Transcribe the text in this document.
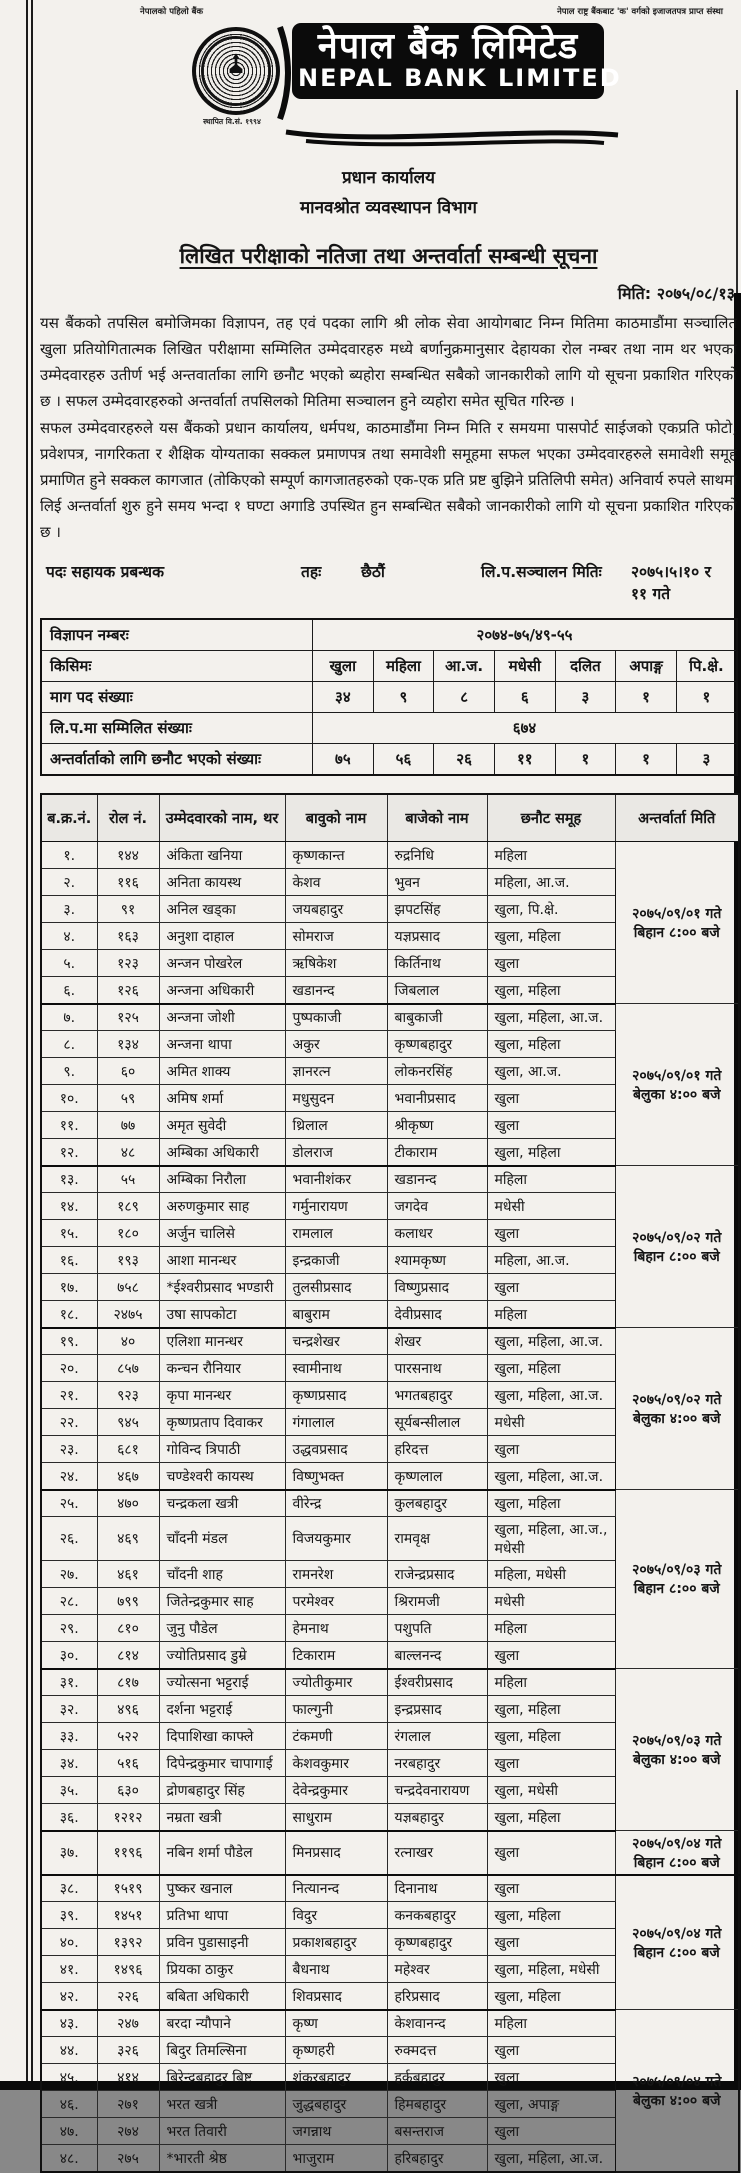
नेपालको पहिलो बैंक	नेपाल राष्ट्र बैंकबाट 'क' वर्गको इजाजतपत्र प्राप्त संस्था
स्थापित वि.सं. १९९४
नेपाल बैंक लिमिटेड
NEPAL BANK LIMITED
प्रधान कार्यालय
मानवश्रोत व्यवस्थापन विभाग
लिखित परीक्षाको नतिजा तथा अन्तर्वार्ता सम्बन्धी सूचना
मिति: २०७५/०८/१३
यस बैंकको तपसिल बमोजिमका विज्ञापन, तह एवं पदका लागि श्री लोक सेवा आयोगबाट निम्न मितिमा काठमाडौंमा सञ्चालित खुला प्रतियोगितात्मक लिखित परीक्षामा सम्मिलित उम्मेदवारहरु मध्ये बर्णानुक्रमानुसार देहायका रोल नम्बर तथा नाम थर भएका उम्मेदवारहरु उतीर्ण भई अन्तवार्ताका लागि छनौट भएको ब्यहोरा सम्बन्धित सबैको जानकारीको लागि यो सूचना प्रकाशित गरिएको छ । सफल उम्मेदवारहरुको अन्तर्वार्ता तपसिलको मितिमा सञ्चालन हुने व्यहोरा समेत सूचित गरिन्छ ।
सफल उम्मेदवारहरुले यस बैंकको प्रधान कार्यालय, धर्मपथ, काठमाडौंमा निम्न मिति र समयमा पासपोर्ट साईजको एकप्रति फोटो, प्रवेशपत्र, नागरिकता र शैक्षिक योग्यताका सक्कल प्रमाणपत्र तथा समावेशी समूहमा सफल भएका उम्मेदवारहरुले समावेशी समूह प्रमाणित हुने सक्कल कागजात (तोकिएको सम्पूर्ण कागजातहरुको एक-एक प्रति प्रष्ट बुझिने प्रतिलिपी समेत) अनिवार्य रुपले साथमा लिई अन्तर्वार्ता शुरु हुने समय भन्दा १ घण्टा अगाडि उपस्थित हुन सम्बन्धित सबैको जानकारीको लागि यो सूचना प्रकाशित गरिएको छ ।
पदः सहायक प्रबन्धक	तहः	छैठौं	लि.प.सञ्चालन मितिः	२०७५।५।१० र ११ गते
विज्ञापन नम्बरः	२०७४-७५/४९-५५						
किसिमः	खुला	महिला	आ.ज.	मधेसी	दलित	अपाङ्ग	पि.क्षे.
माग पद संख्याः	३४	९	८	६	३	१	१
लि.प.मा सम्मिलित संख्याः	६७४						
अन्तर्वार्ताको लागि छनौट भएको संख्याः	७५	५६	२६	११	१	१	३
ब.क्र.नं.	रोल नं.	उम्मेदवारको नाम, थर	बावुको नाम	बाजेको नाम	छनौट समूह	अन्तर्वार्ता मिति
१.	१४४	अंकिता खनिया	कृष्णकान्त	रुद्रनिधि	महिला	२०७५/०९/०१ गते
बिहान ८:०० बजे

२.	११६	अनिता कायस्थ	केशव	भुवन	महिला, आ.ज.	
३.	९१	अनिल खड्का	जयबहादुर	झपटसिंह	खुला, पि.क्षे.	
४.	१६३	अनुशा दाहाल	सोमराज	यज्ञप्रसाद	खुला, महिला	
५.	१२३	अन्जन पोखरेल	ऋषिकेश	किर्तिनाथ	खुला	
६.	१२६	अन्जना अधिकारी	खडानन्द	जिबलाल	खुला, महिला	
७.	१२५	अन्जना जोशी	पुष्पकाजी	बाबुकाजी	खुला, महिला, आ.ज.	२०७५/०९/०१ गते
बेलुका ४:०० बजे

८.	१३४	अन्जना थापा	अकुर	कृष्णबहादुर	खुला, महिला	
९.	६०	अमित शाक्य	ज्ञानरत्न	लोकनरसिंह	खुला, आ.ज.	
१०.	५९	अमिष शर्मा	मधुसुदन	भवानीप्रसाद	खुला	
११.	७७	अमृत सुवेदी	थ्रिलाल	श्रीकृष्ण	खुला	
१२.	४८	अम्बिका अधिकारी	डोलराज	टीकाराम	खुला, महिला	
१३.	५५	अम्बिका निरौला	भवानीशंकर	खडानन्द	महिला	२०७५/०९/०२ गते
बिहान ८:०० बजे

१४.	१८९	अरुणकुमार साह	गर्मुनारायण	जगदेव	मधेसी	
१५.	१८०	अर्जुन चालिसे	रामलाल	कलाधर	खुला	
१६.	१९३	आशा मानन्धर	इन्द्रकाजी	श्यामकृष्ण	महिला, आ.ज.	
१७.	७५८	*ईश्वरीप्रसाद भण्डारी	तुलसीप्रसाद	विष्णुप्रसाद	खुला	
१८.	२४७५	उषा सापकोटा	बाबुराम	देवीप्रसाद	महिला	
१९.	४०	एलिशा मानन्धर	चन्द्रशेखर	शेखर	खुला, महिला, आ.ज.	२०७५/०९/०२ गते
बेलुका ४:०० बजे

२०.	८५७	कन्चन रौनियार	स्वामीनाथ	पारसनाथ	खुला, महिला	
२१.	९२३	कृपा मानन्धर	कृष्णप्रसाद	भगतबहादुर	खुला, महिला, आ.ज.	
२२.	९४५	कृष्णप्रताप दिवाकर	गंगालाल	सूर्यबन्सीलाल	मधेसी	
२३.	६८१	गोविन्द त्रिपाठी	उद्धवप्रसाद	हरिदत्त	खुला	
२४.	४६७	चण्डेश्वरी कायस्थ	विष्णुभक्त	कृष्णलाल	खुला, महिला, आ.ज.	
२५.	४७०	चन्द्रकला खत्री	वीरेन्द्र	कुलबहादुर	खुला, महिला	२०७५/०९/०३ गते
बिहान ८:०० बजे

२६.	४६९	चाँदनी मंडल	विजयकुमार	रामवृक्ष	खुला, महिला, आ.ज., मधेसी	
२७.	४६१	चाँदनी शाह	रामनरेश	राजेन्द्रप्रसाद	महिला, मधेसी	
२८.	७९९	जितेन्द्रकुमार साह	परमेश्वर	श्रिरामजी	मधेसी	
२९.	८१०	जुनु पौडेल	हेमनाथ	पशुपति	महिला	
३०.	८१४	ज्योतिप्रसाद डुम्रे	टिकाराम	बाल्लनन्द	खुला	
३१.	८१७	ज्योत्सना भट्टराई	ज्योतीकुमार	ईश्वरीप्रसाद	महिला	२०७५/०९/०३ गते
बेलुका ४:०० बजे

३२.	४९६	दर्शना भट्टराई	फाल्गुनी	इन्द्रप्रसाद	खुला, महिला	
३३.	५२२	दिपाशिखा काफ्ले	टंकमणी	रंगलाल	खुला, महिला	
३४.	५१६	दिपेन्द्रकुमार चापागाई	केशवकुमार	नरबहादुर	खुला	
३५.	६३०	द्रोणबहादुर सिंह	देवेन्द्रकुमार	चन्द्रदेवनारायण	खुला, मधेसी	
३६.	१२१२	नम्रता खत्री	साधुराम	यज्ञबहादुर	खुला, महिला	
३७.	११९६	नबिन शर्मा पौडेल	मिनप्रसाद	रत्नाखर	खुला	२०७५/०९/०४ गते
बिहान ८:०० बजे

३८.	१५१९	पुष्कर खनाल	नित्यानन्द	दिनानाथ	खुला	२०७५/०९/०४ गते
बिहान ८:०० बजे

३९.	१४५१	प्रतिभा थापा	विदुर	कनकबहादुर	खुला, महिला	
४०.	१३९२	प्रविन पुडासाइनी	प्रकाशबहादुर	कृष्णबहादुर	खुला	
४१.	१४९६	प्रियका ठाकुर	बैधनाथ	महेश्वर	खुला, महिला, मधेसी	
४२.	२२६	बबिता अधिकारी	शिवप्रसाद	हरिप्रसाद	खुला, महिला	
४३.	२४७	बरदा न्यौपाने	कृष्ण	केशवानन्द	महिला	२०७५/०९/०४ गते
बेलुका ४:०० बजे

४४.	३२६	बिदुर तिमल्सिना	कृष्णहरी	रुक्मदत्त	खुला	
४५.	४१४	बिरेन्द्रबहादुर बिष्ट	शंकरबहादुर	हर्कबहादुर	खुला	
४६.	२७१	भरत खत्री	जुद्धबहादुर	हिमबहादुर	खुला, अपाङ्ग	
४७.	२७४	भरत तिवारी	जगन्नाथ	बसन्तराज	खुला	
४८.	२७५	*भारती श्रेष्ठ	भाजुराम	हरिबहादुर	खुला, महिला, आ.ज.	
